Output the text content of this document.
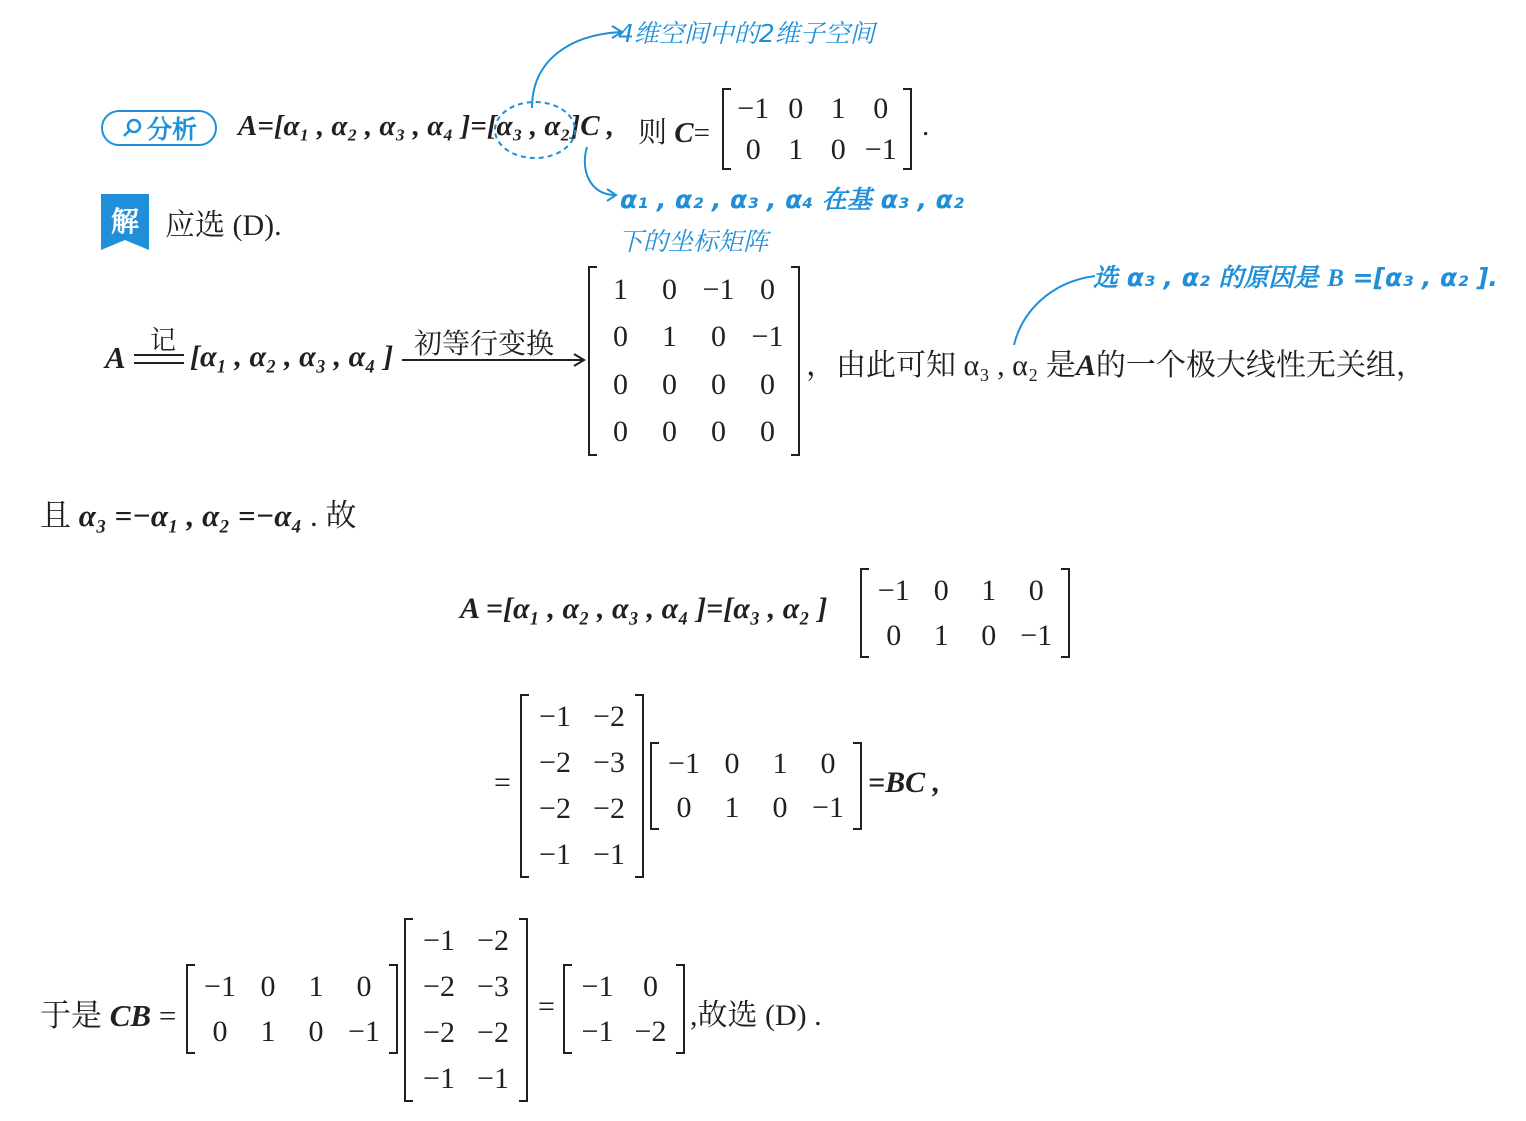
分析 A=[α₁ , α₂ , α₃ , α₄ ]=[α₃ , α₂]C , 则 C=
−1 0 1 0
0 1 0 −1
.
4维空间中的2维子空间
α₁ , α₂ , α₃ , α₄ 在基 α₃ , α₂
下的坐标矩阵
解 应选 (D).
选 α₃ , α₂ 的原因是 B =[α₃ , α₂ ].
A 记 [α₁ , α₂ , α₃ , α₄ ] 初等行变换
1	0 −1 0
0	1	0 −1
0	0	0	0
0	0	0	0
，由此可知 α₃ , α₂ 是A的一个极大线性无关组，
且 α₃ =−α₁ , α₂ =−α₄ . 故
A =[α₁ , α₂ , α₃ , α₄ ]=[α₃ , α₂ ]
−1 0	1	0
0	1	0 −1
=
−1 −2
−2 −3
−2 −2
−1 −1
−1 0	1	0
0	1	0 −1
=BC ,
于是 CB =
−1 0	1	0
0	1	0 −1
−1 −2
−2 −3
−2 −2
−1 −1
=
−1 0
−1 −2 ,故选 (D) .
